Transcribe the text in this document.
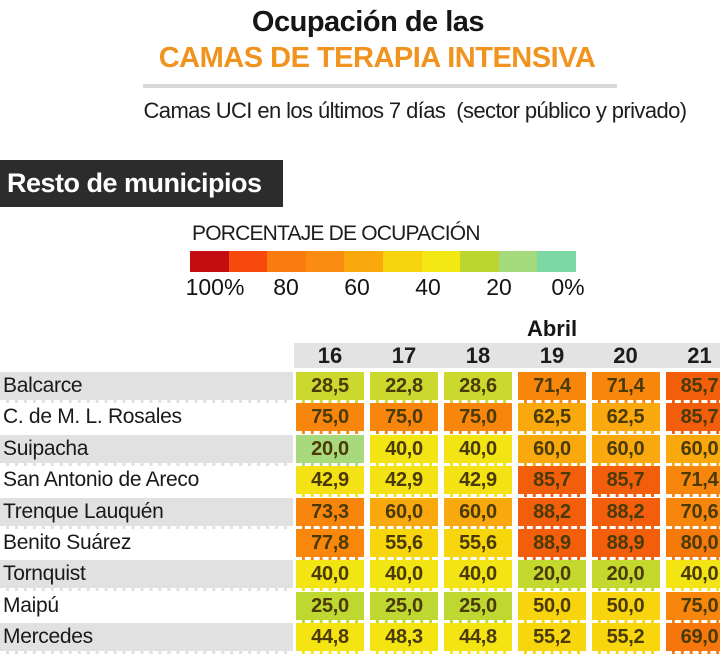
Ocupación de las
CAMAS DE TERAPIA INTENSIVA
Camas UCI en los últimos 7 días  (sector público y privado)
Resto de municipios
PORCENTAJE DE OCUPACIÓN
100% 80 60 40 20 0%
Abril
16 17 18 19 20 21
Balcarce	28,5	22,8	28,6	71,4	71,4	85,7
C. de M. L. Rosales	75,0	75,0	75,0	62,5	62,5	85,7
Suipacha	20,0	40,0	40,0	60,0	60,0	60,0
San Antonio de Areco	42,9	42,9	42,9	85,7	85,7	71,4
Trenque Lauquén	73,3	60,0	60,0	88,2	88,2	70,6
Benito Suárez	77,8	55,6	55,6	88,9	88,9	80,0
Tornquist	40,0	40,0	40,0	20,0	20,0	40,0
Maipú	25,0	25,0	25,0	50,0	50,0	75,0
Mercedes	44,8	48,3	44,8	55,2	55,2	69,0
